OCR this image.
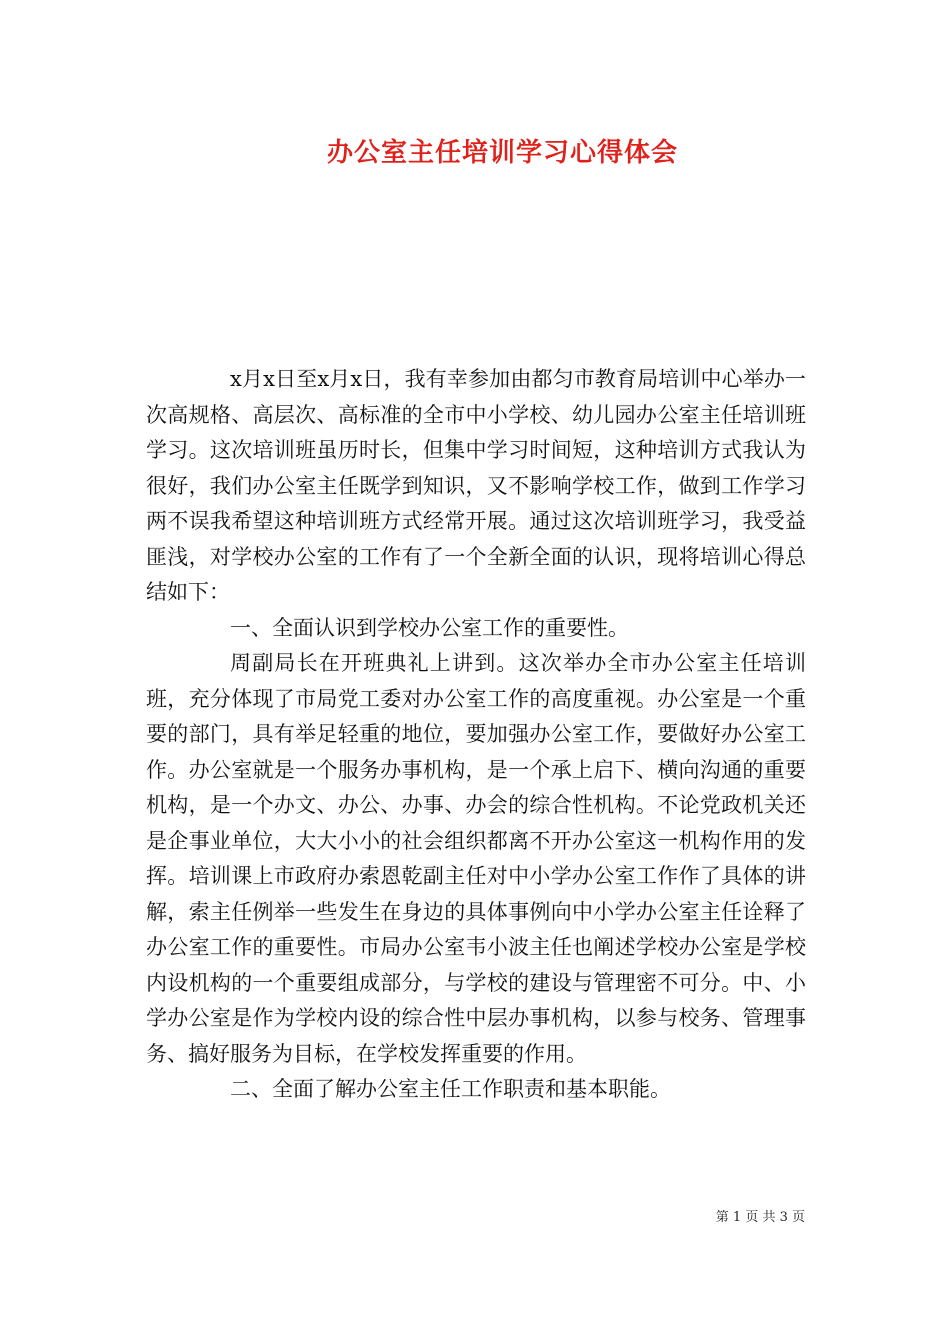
办公室主任培训学习心得体会

x月x日至x月x日，我有幸参加由都匀市教育局培训中心举办一次高规格、高层次、高标准的全市中小学校、幼儿园办公室主任培训班学习。这次培训班虽历时长，但集中学习时间短，这种培训方式我认为很好，我们办公室主任既学到知识，又不影响学校工作，做到工作学习两不误我希望这种培训班方式经常开展。通过这次培训班学习，我受益匪浅，对学校办公室的工作有了一个全新全面的认识，现将培训心得总结如下：

一、全面认识到学校办公室工作的重要性。

周副局长在开班典礼上讲到。这次举办全市办公室主任培训班，充分体现了市局党工委对办公室工作的高度重视。办公室是一个重要的部门，具有举足轻重的地位，要加强办公室工作，要做好办公室工作。办公室就是一个服务办事机构，是一个承上启下、横向沟通的重要机构，是一个办文、办公、办事、办会的综合性机构。不论党政机关还是企事业单位，大大小小的社会组织都离不开办公室这一机构作用的发挥。培训课上市政府办索恩乾副主任对中小学办公室工作作了具体的讲解，索主任例举一些发生在身边的具体事例向中小学办公室主任诠释了办公室工作的重要性。市局办公室韦小波主任也阐述学校办公室是学校内设机构的一个重要组成部分，与学校的建设与管理密不可分。中、小学办公室是作为学校内设的综合性中层办事机构，以参与校务、管理事务、搞好服务为目标，在学校发挥重要的作用。

二、全面了解办公室主任工作职责和基本职能。

第 1 页 共 3 页
